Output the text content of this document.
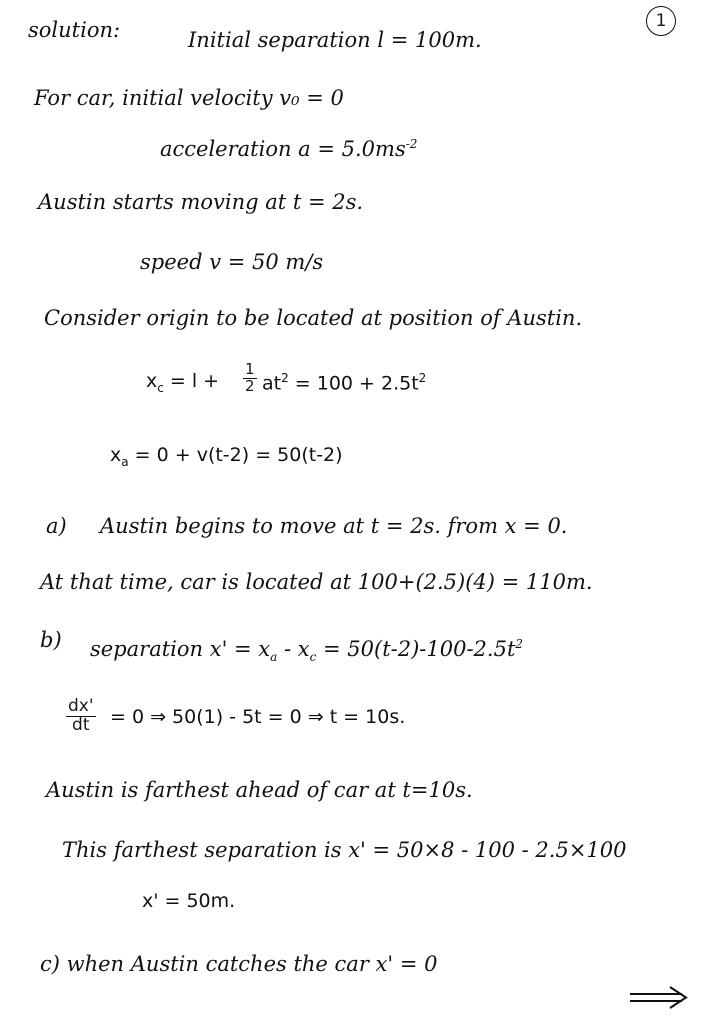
1
solution:	Initial separation l = 100m.
For car, initial velocity v₀ = 0
acceleration $a = 5.0ms^{-2}$
Austin starts moving at t = 2s.
speed v = 50 m/s
Consider origin to be located at position of Austin.
$x_c = l + \frac{1}{2} at^2 = 100 + 2.5t^2$
$x_a = 0 + v(t-2) = 50(t-2)$
a) Austin begins to move at t = 2s. from x = 0.
At that time, car is located at 100+(2.5)(4) = 110m.
b) separation $x' = x_a - x_c = 50(t-2)-100-2.5t^2$
$\frac{dx'}{dt} = 0$ ⇒ 50(1) - 5t = 0 ⇒ t = 10s.
Austin is farthest ahead of car at t=10s.
This farthest separation is x' = 50×8 - 100 - 2.5×100
x' = 50m.
c) when Austin catches the car x' = 0
